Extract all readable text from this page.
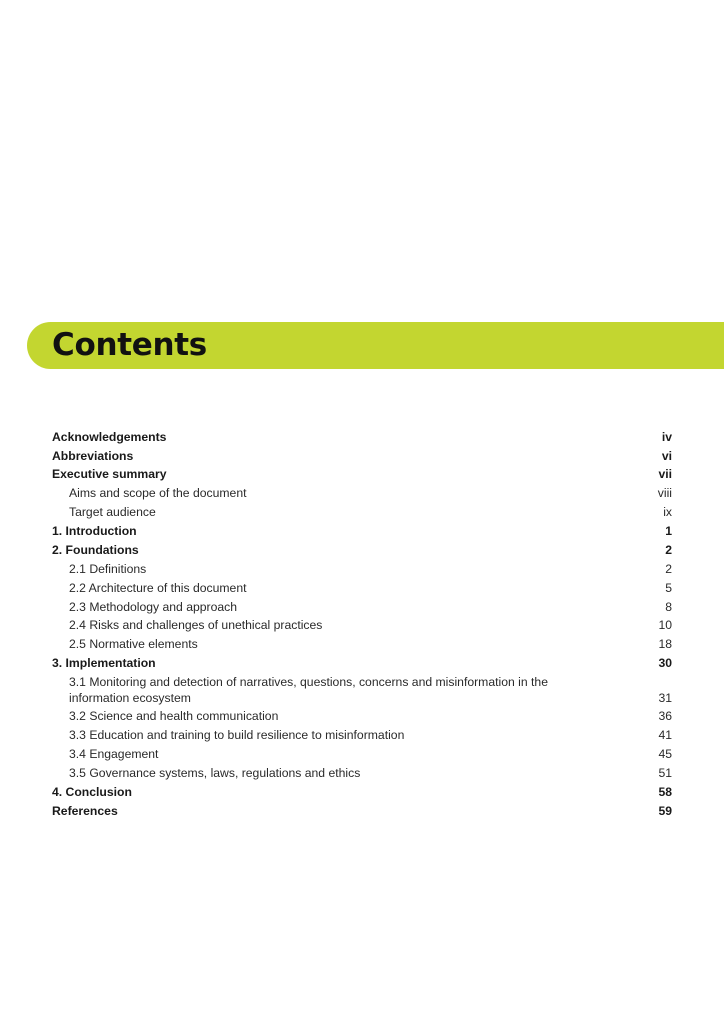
Contents
Acknowledgements	iv
Abbreviations	vi
Executive summary	vii
Aims and scope of the document	viii
Target audience	ix
1. Introduction	1
2. Foundations	2
2.1 Definitions	2
2.2 Architecture of this document	5
2.3 Methodology and approach	8
2.4 Risks and challenges of unethical practices	10
2.5 Normative elements	18
3. Implementation	30
3.1 Monitoring and detection of narratives, questions, concerns and misinformation in the information ecosystem	31
3.2 Science and health communication	36
3.3 Education and training to build resilience to misinformation	41
3.4 Engagement	45
3.5 Governance systems, laws, regulations and ethics	51
4. Conclusion	58
References	59
